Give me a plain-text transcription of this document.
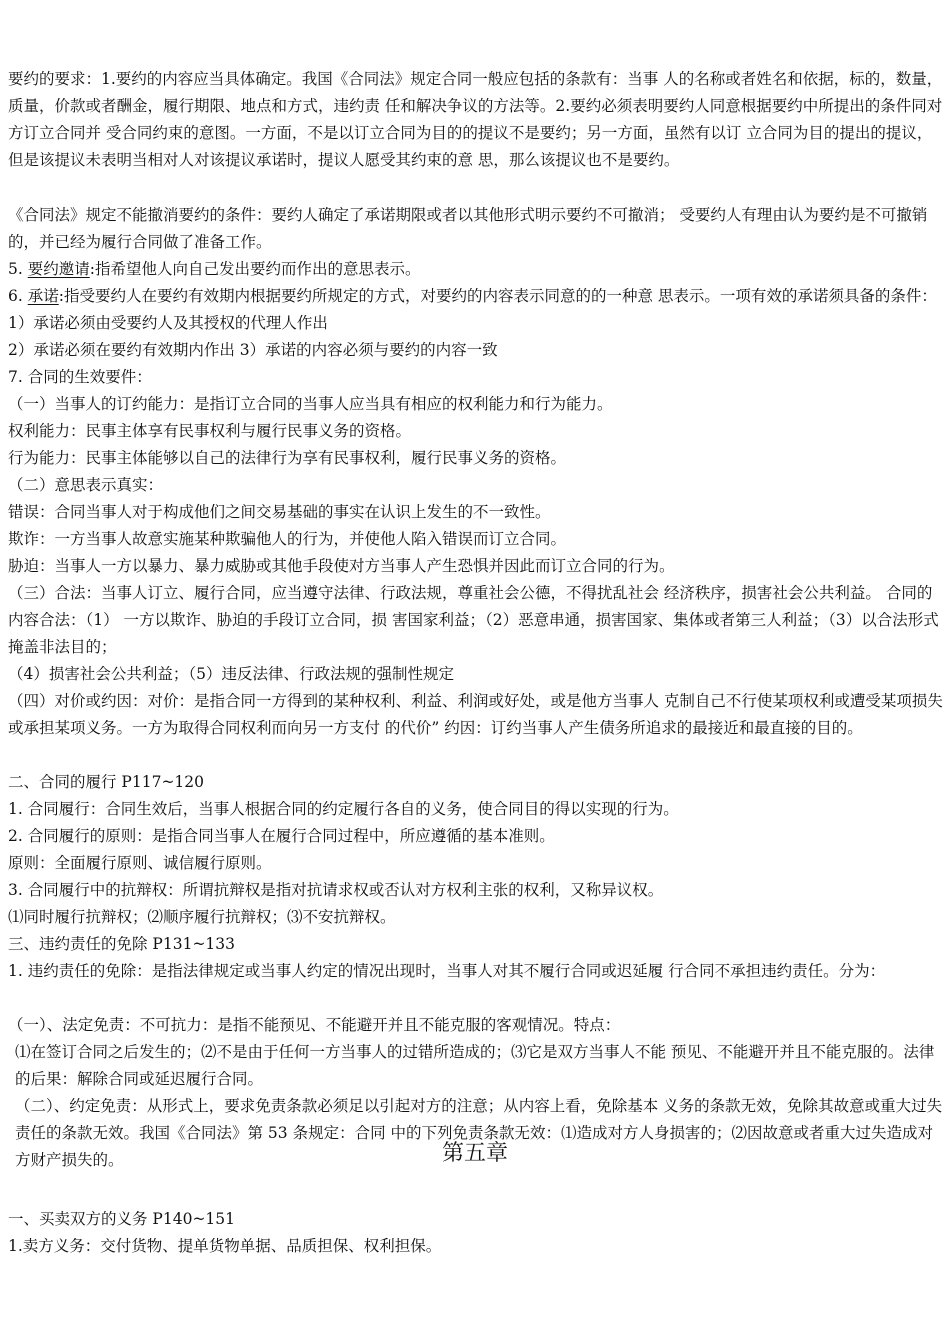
要约的要求：1.要约的内容应当具体确定。我国《合同法》规定合同一般应包括的条款有：当事 人的名称或者姓名和依据，标的，数量，质量，价款或者酬金，履行期限、地点和方式，违约责 任和解决争议的方法等。2.要约必须表明要约人同意根据要约中所提出的条件同对方订立合同并 受合同约束的意图。一方面，不是以订立合同为目的的提议不是要约；另一方面，虽然有以订 立合同为目的提出的提议，但是该提议未表明当相对人对该提议承诺时，提议人愿受其约束的意 思，那么该提议也不是要约。
《合同法》规定不能撤消要约的条件：要约人确定了承诺期限或者以其他形式明示要约不可撤消； 受要约人有理由认为要约是不可撤销的，并已经为履行合同做了准备工作。
5. 要约邀请:指希望他人向自己发出要约而作出的意思表示。
6. 承诺:指受要约人在要约有效期内根据要约所规定的方式，对要约的内容表示同意的的一种意 思表示。一项有效的承诺须具备的条件：1）承诺必须由受要约人及其授权的代理人作出
2）承诺必须在要约有效期内作出 3）承诺的内容必须与要约的内容一致
7. 合同的生效要件：
（一）当事人的订约能力：是指订立合同的当事人应当具有相应的权利能力和行为能力。
权利能力：民事主体享有民事权利与履行民事义务的资格。
行为能力：民事主体能够以自己的法律行为享有民事权利，履行民事义务的资格。
（二）意思表示真实：
错误：合同当事人对于构成他们之间交易基础的事实在认识上发生的不一致性。
欺诈：一方当事人故意实施某种欺骗他人的行为，并使他人陷入错误而订立合同。
胁迫：当事人一方以暴力、暴力威胁或其他手段使对方当事人产生恐惧并因此而订立合同的行为。
（三）合法：当事人订立、履行合同，应当遵守法律、行政法规，尊重社会公德，不得扰乱社会 经济秩序，损害社会公共利益。 合同的内容合法：（1） 一方以欺诈、胁迫的手段订立合同，损 害国家利益；（2）恶意串通，损害国家、集体或者第三人利益；（3）以合法形式掩盖非法目的；
（4）损害社会公共利益；（5）违反法律、行政法规的强制性规定
（四）对价或约因：对价：是指合同一方得到的某种权利、利益、利润或好处，或是他方当事人 克制自己不行使某项权利或遭受某项损失或承担某项义务。一方为取得合同权利而向另一方支付 的代价” 约因：订约当事人产生债务所追求的最接近和最直接的目的。
二、合同的履行 P117~120
1. 合同履行：合同生效后，当事人根据合同的约定履行各自的义务，使合同目的得以实现的行为。
2. 合同履行的原则：是指合同当事人在履行合同过程中，所应遵循的基本准则。
原则：全面履行原则、诚信履行原则。
3. 合同履行中的抗辩权：所谓抗辩权是指对抗请求权或否认对方权利主张的权利，又称异议权。
⑴同时履行抗辩权；⑵顺序履行抗辩权；⑶不安抗辩权。
三、违约责任的免除 P131~133
1. 违约责任的免除：是指法律规定或当事人约定的情况出现时，当事人对其不履行合同或迟延履 行合同不承担违约责任。分为：
（一）、法定免责：不可抗力：是指不能预见、不能避开并且不能克服的客观情况。特点：
⑴在签订合同之后发生的；⑵不是由于任何一方当事人的过错所造成的；⑶它是双方当事人不能 预见、不能避开并且不能克服的。法律的后果：解除合同或延迟履行合同。
（二）、约定免责：从形式上，要求免责条款必须足以引起对方的注意；从内容上看，免除基本 义务的条款无效，免除其故意或重大过失责任的条款无效。我国《合同法》第 53 条规定：合同 中的下列免责条款无效：⑴造成对方人身损害的；⑵因故意或者重大过失造成对方财产损失的。	第五章
一、买卖双方的义务 P140~151
1.卖方义务：交付货物、提单货物单据、品质担保、权利担保。
